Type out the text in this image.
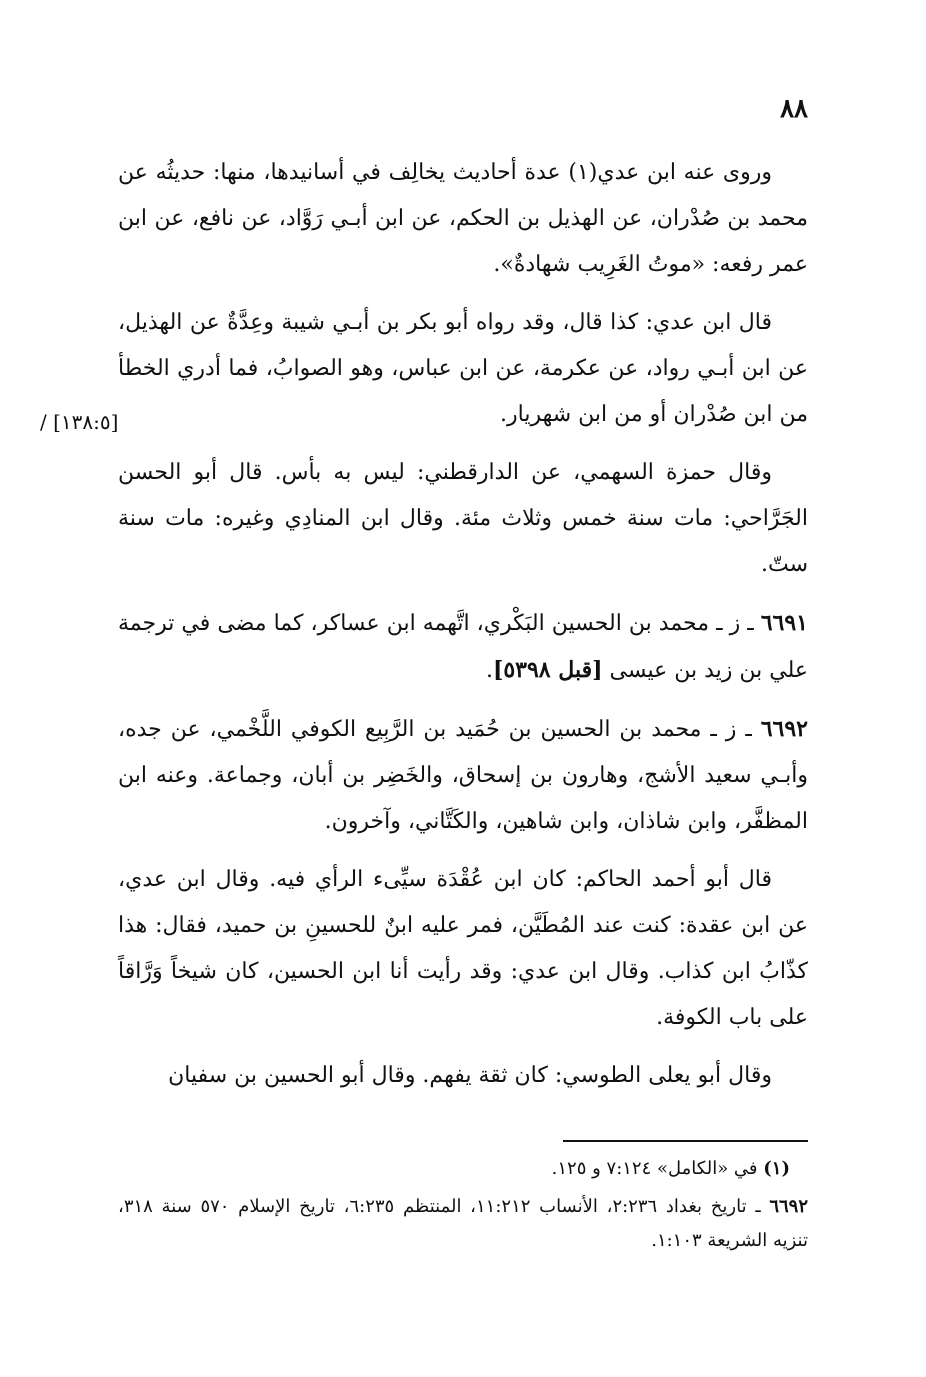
٨٨

وروى عنه ابن عدي(١) عدة أحاديث يخالِف في أسانيدها، منها: حديثُه عن محمد بن صُدْران، عن الهذيل بن الحكم، عن ابن أبـي رَوَّاد، عن نافع، عن ابن عمر رفعه: «موتُ الغَرِيب شهادةٌ».

قال ابن عدي: كذا قال، وقد رواه أبو بكر بن أبـي شيبة وعِدَّةٌ عن الهذيل، عن ابن أبـي رواد، عن عكرمة، عن ابن عباس، وهو الصوابُ، فما أدري الخطأ من ابن صُدْران أو من ابن شهريار.

وقال حمزة السهمي، عن الدارقطني: ليس به بأس. قال أبو الحسن الجَرَّاحي: مات سنة خمس وثلاث مئة. وقال ابن المنادِي وغيره: مات سنة ستّ.

٦٦٩١ ـ ز ـ محمد بن الحسين البَكْري، اتَّهمه ابن عساكر، كما مضى في ترجمة علي بن زيد بن عيسى [قبل ٥٣٩٨].

٦٦٩٢ ـ ز ـ محمد بن الحسين بن حُمَيد بن الرَّبِيع الكوفي اللَّخْمي، عن جده، وأبـي سعيد الأشج، وهارون بن إسحاق، والخَضِر بن أبان، وجماعة. وعنه ابن المظفَّر، وابن شاذان، وابن شاهين، والكَتَّاني، وآخرون.

قال أبو أحمد الحاكم: كان ابن عُقْدَة سيِّىء الرأي فيه. وقال ابن عدي، عن ابن عقدة: كنت عند المُطَيَّن، فمر عليه ابنٌ للحسينِ بن حميد، فقال: هذا كذّابُ ابن كذاب. وقال ابن عدي: وقد رأيت أنا ابن الحسين، كان شيخاً وَرَّاقاً على باب الكوفة.

وقال أبو يعلى الطوسي: كان ثقة يفهم. وقال أبو الحسين بن سفيان

[١٣٨:٥] /

(١) في «الكامل» ٧:١٢٤ و ١٢٥.

٦٦٩٢ ـ تاريخ بغداد ٢:٢٣٦، الأنساب ١١:٢١٢، المنتظم ٦:٢٣٥، تاريخ الإسلام ٥٧٠ سنة ٣١٨، تنزيه الشريعة ١:١٠٣.
